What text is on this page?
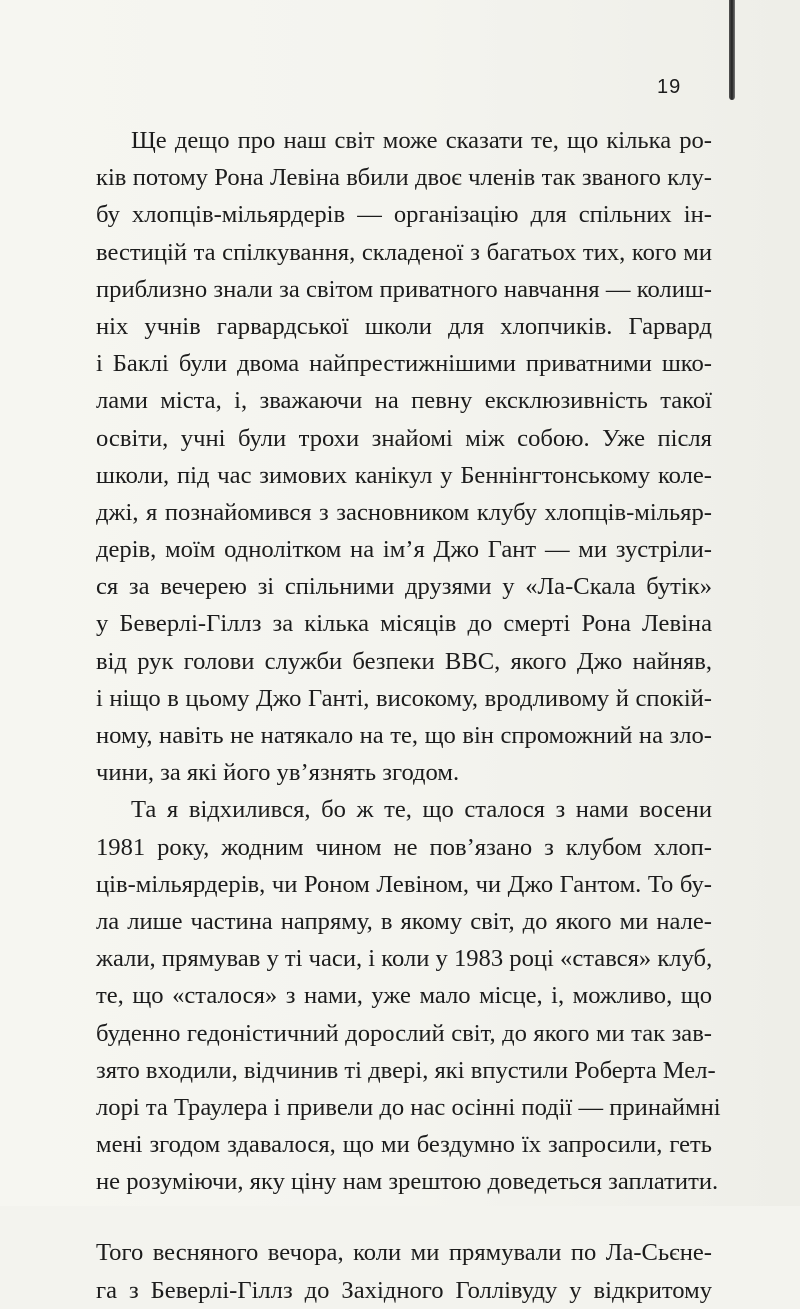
19
Ще дещо про наш світ може сказати те, що кілька ро-
ків потому Рона Левіна вбили двоє членів так званого клу-
бу хлопців-мільярдерів — організацію для спільних ін-
вестицій та спілкування, складеної з багатьох тих, кого ми
приблизно знали за світом приватного навчання — колиш-
ніх учнів гарвардської школи для хлопчиків. Гарвард
і Баклі були двома найпрестижнішими приватними шко-
лами міста, і, зважаючи на певну ексклюзивність такої
освіти, учні були трохи знайомі між собою. Уже після
школи, під час зимових канікул у Беннінгтонському коле-
джі, я познайомився з засновником клубу хлопців-мільяр-
дерів, моїм однолітком на ім’я Джо Гант — ми зустріли-
ся за вечерею зі спільними друзями у «Ла-Скала бутік»
у Беверлі-Гіллз за кілька місяців до смерті Рона Левіна
від рук голови служби безпеки ВВС, якого Джо найняв,
і ніщо в цьому Джо Ганті, високому, вродливому й спокій-
ному, навіть не натякало на те, що він спроможний на зло-
чини, за які його ув’язнять згодом.
Та я відхилився, бо ж те, що сталося з нами восени
1981 року, жодним чином не пов’язано з клубом хлоп-
ців-мільярдерів, чи Роном Левіном, чи Джо Гантом. То бу-
ла лише частина напряму, в якому світ, до якого ми нале-
жали, прямував у ті часи, і коли у 1983 році «стався» клуб,
те, що «сталося» з нами, уже мало місце, і, можливо, що
буденно гедоністичний дорослий світ, до якого ми так зав-
зято входили, відчинив ті двері, які впустили Роберта Мел-
лорі та Траулера і привели до нас осінні події — принаймні
мені згодом здавалося, що ми бездумно їх запросили, геть
не розуміючи, яку ціну нам зрештою доведеться заплатити.
Того весняного вечора, коли ми прямували по Ла-Сьєне-
га з Беверлі-Гіллз до Західного Голлівуду у відкритому
